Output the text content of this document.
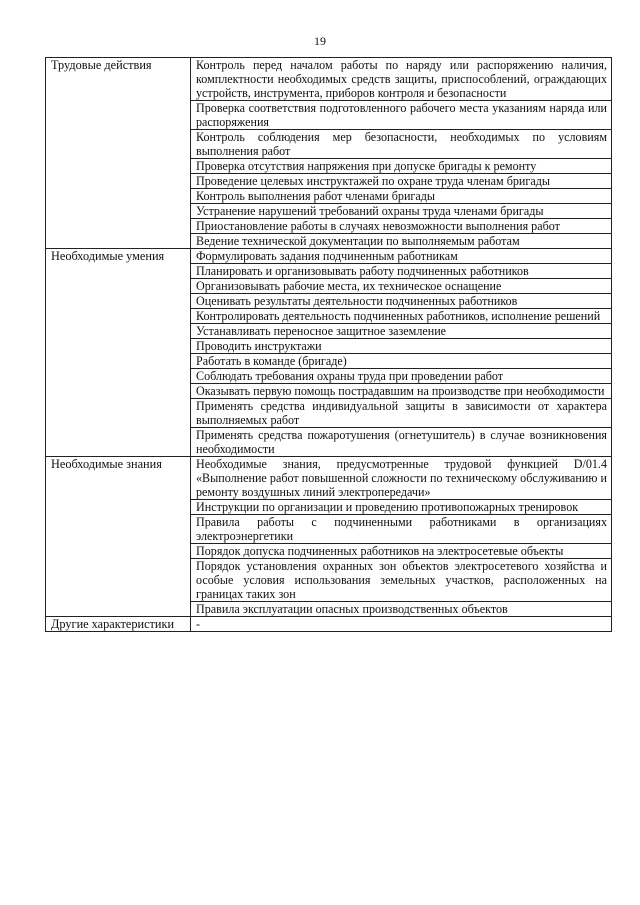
19
Трудовые действия	Контроль перед началом работы по наряду или распоряжению наличия, комплектности необходимых средств защиты, приспособлений, ограждающих устройств, инструмента, приборов контроля и безопасности
	Проверка соответствия подготовленного рабочего места указаниям наряда или распоряжения
	Контроль соблюдения мер безопасности, необходимых по условиям выполнения работ
	Проверка отсутствия напряжения при допуске бригады к ремонту
	Проведение целевых инструктажей по охране труда членам бригады
	Контроль выполнения работ членами бригады
	Устранение нарушений требований охраны труда членами бригады
	Приостановление работы в случаях невозможности выполнения работ
	Ведение технической документации по выполняемым работам
Необходимые умения	Формулировать задания подчиненным работникам
	Планировать и организовывать работу подчиненных работников
	Организовывать рабочие места, их техническое оснащение
	Оценивать результаты деятельности подчиненных работников
	Контролировать деятельность подчиненных работников, исполнение решений
	Устанавливать переносное защитное заземление
	Проводить инструктажи
	Работать в команде (бригаде)
	Соблюдать требования охраны труда при проведении работ
	Оказывать первую помощь пострадавшим на производстве при необходимости
	Применять средства индивидуальной защиты в зависимости от характера выполняемых работ
	Применять средства пожаротушения (огнетушитель) в случае возникновения необходимости
Необходимые знания	Необходимые знания, предусмотренные трудовой функцией D/01.4 «Выполнение работ повышенной сложности по техническому обслуживанию и ремонту воздушных линий электропередачи»
	Инструкции по организации и проведению противопожарных тренировок
	Правила работы с подчиненными работниками в организациях электроэнергетики
	Порядок допуска подчиненных работников на электросетевые объекты
	Порядок установления охранных зон объектов электросетевого хозяйства и особые условия использования земельных участков, расположенных на границах таких зон
	Правила эксплуатации опасных производственных объектов
Другие характеристики	-
